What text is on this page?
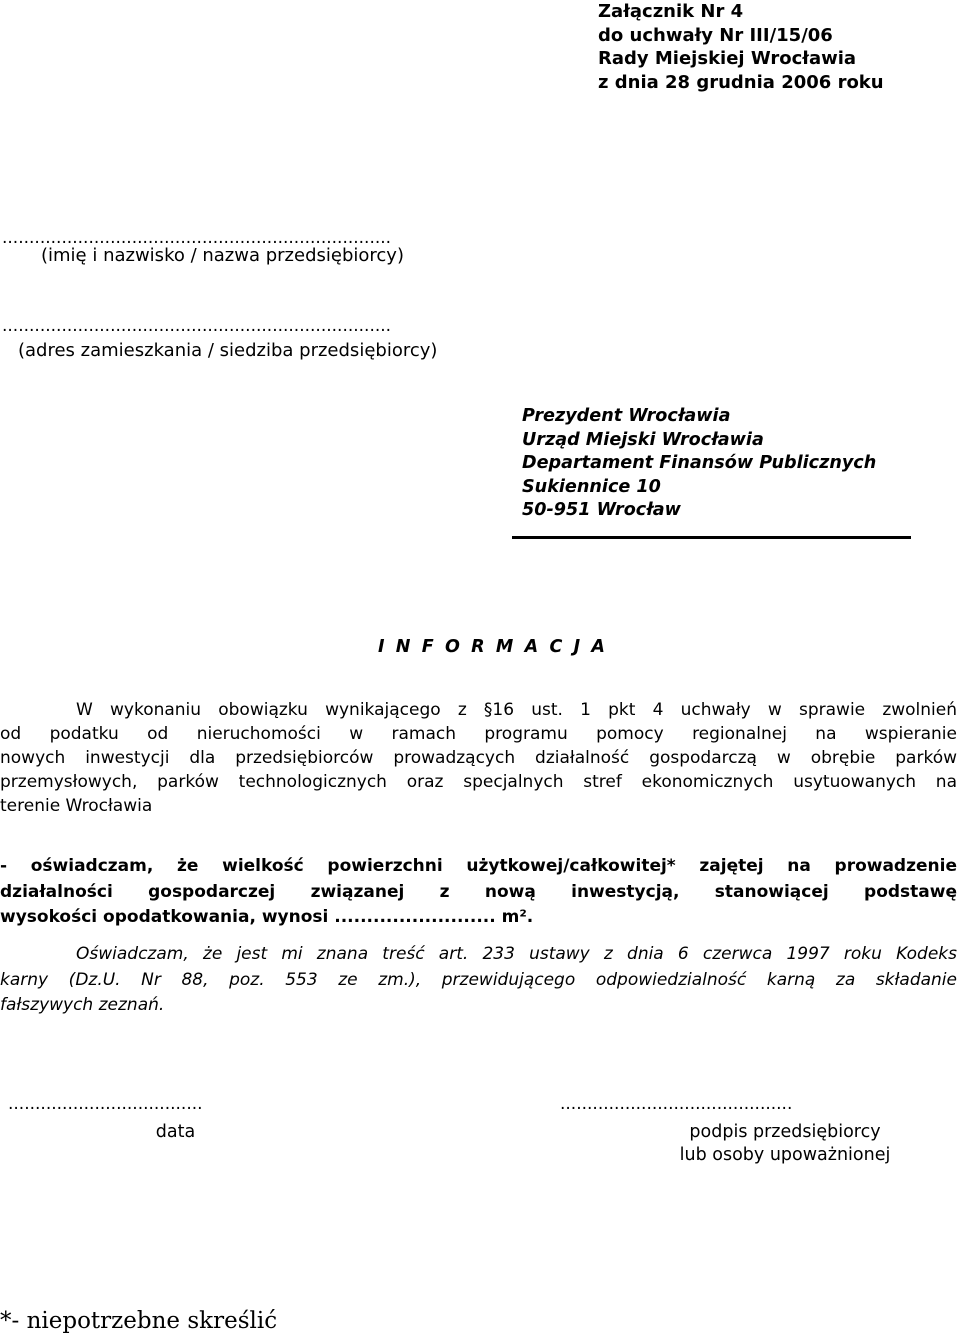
Załącznik Nr 4
do uchwały Nr III/15/06
Rady Miejskiej Wrocławia
z dnia 28 grudnia 2006 roku
........................................................................
(imię i nazwisko / nazwa przedsiębiorcy)
........................................................................
(adres zamieszkania / siedziba przedsiębiorcy)
Prezydent Wrocławia
Urząd Miejski Wrocławia
Departament Finansów Publicznych
Sukiennice 10
50-951 Wrocław
I N F O R M A C J A
W wykonaniu obowiązku wynikającego z §16 ust. 1 pkt 4 uchwały w sprawie zwolnień
od podatku od nieruchomości w ramach programu pomocy regionalnej na wspieranie
nowych inwestycji dla przedsiębiorców prowadzących działalność gospodarczą w obrębie parków
przemysłowych, parków technologicznych oraz specjalnych stref ekonomicznych usytuowanych na
terenie Wrocławia
- oświadczam, że wielkość powierzchni użytkowej/całkowitej* zajętej na prowadzenie
działalności gospodarczej związanej z nową inwestycją, stanowiącej podstawę
wysokości opodatkowania, wynosi ......................... m².
Oświadczam, że jest mi znana treść art. 233 ustawy z dnia 6 czerwca 1997 roku Kodeks
karny (Dz.U. Nr 88, poz. 553 ze zm.), przewidującego odpowiedzialność karną za składanie
fałszywych zeznań.
....................................
data
...........................................
podpis przedsiębiorcy
lub osoby upoważnionej
*- niepotrzebne skreślić
